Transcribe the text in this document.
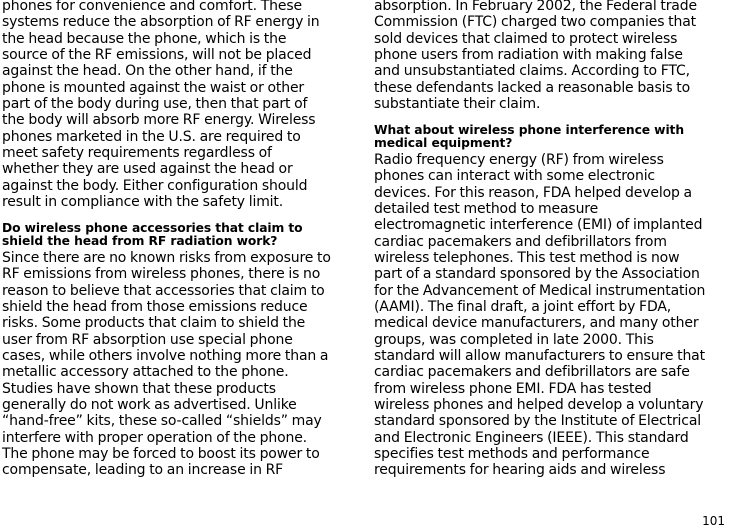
phones for convenience and comfort. These systems reduce the absorption of RF energy in the head because the phone, which is the source of the RF emissions, will not be placed against the head. On the other hand, if the phone is mounted against the waist or other part of the body during use, then that part of the body will absorb more RF energy. Wireless phones marketed in the U.S. are required to meet safety requirements regardless of whether they are used against the head or against the body. Either configuration should result in compliance with the safety limit.

Do wireless phone accessories that claim to shield the head from RF radiation work?

Since there are no known risks from exposure to RF emissions from wireless phones, there is no reason to believe that accessories that claim to shield the head from those emissions reduce risks. Some products that claim to shield the user from RF absorption use special phone cases, while others involve nothing more than a metallic accessory attached to the phone. Studies have shown that these products generally do not work as advertised. Unlike “hand-free” kits, these so-called “shields” may interfere with proper operation of the phone. The phone may be forced to boost its power to compensate, leading to an increase in RF

absorption. In February 2002, the Federal trade Commission (FTC) charged two companies that sold devices that claimed to protect wireless phone users from radiation with making false and unsubstantiated claims. According to FTC, these defendants lacked a reasonable basis to substantiate their claim.

What about wireless phone interference with medical equipment?

Radio frequency energy (RF) from wireless phones can interact with some electronic devices. For this reason, FDA helped develop a detailed test method to measure electromagnetic interference (EMI) of implanted cardiac pacemakers and defibrillators from wireless telephones. This test method is now part of a standard sponsored by the Association for the Advancement of Medical instrumentation (AAMI). The final draft, a joint effort by FDA, medical device manufacturers, and many other groups, was completed in late 2000. This standard will allow manufacturers to ensure that cardiac pacemakers and defibrillators are safe from wireless phone EMI. FDA has tested wireless phones and helped develop a voluntary standard sponsored by the Institute of Electrical and Electronic Engineers (IEEE). This standard specifies test methods and performance requirements for hearing aids and wireless

101
